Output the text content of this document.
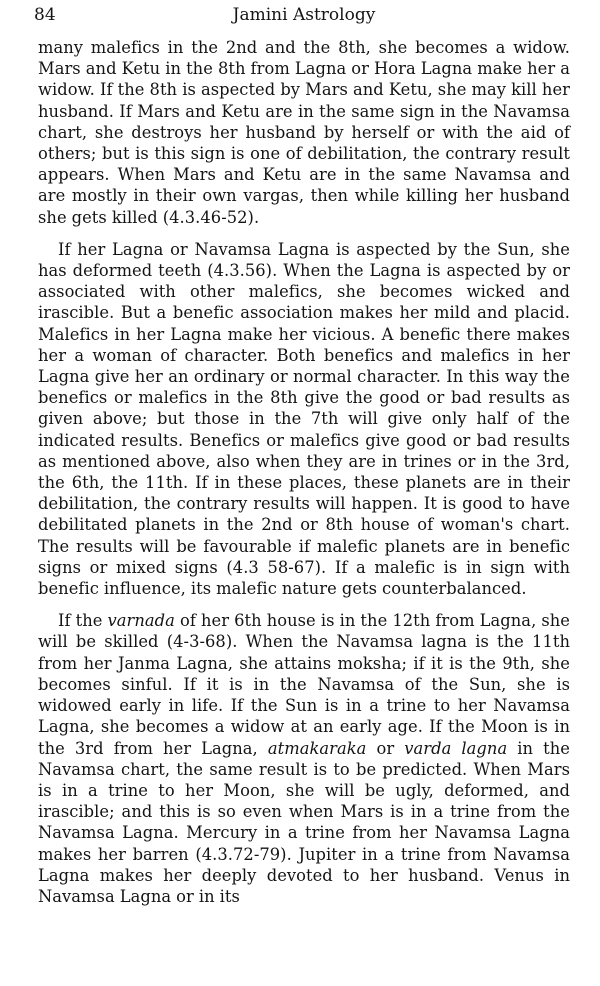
84	Jamini Astrology

many malefics in the 2nd and the 8th, she becomes a widow. Mars and Ketu in the 8th from Lagna or Hora Lagna make her a widow. If the 8th is aspected by Mars and Ketu, she may kill her husband. If Mars and Ketu are in the same sign in the Navamsa chart, she destroys her husband by herself or with the aid of others; but is this sign is one of debilitation, the contrary result appears. When Mars and Ketu are in the same Navamsa and are mostly in their own vargas, then while killing her husband she gets killed (4.3.46-52).

If her Lagna or Navamsa Lagna is aspected by the Sun, she has deformed teeth (4.3.56). When the Lagna is aspected by or associated with other malefics, she becomes wicked and irascible. But a benefic association makes her mild and placid. Malefics in her Lagna make her vicious. A benefic there makes her a woman of character. Both benefics and malefics in her Lagna give her an ordinary or normal character. In this way the benefics or malefics in the 8th give the good or bad results as given above; but those in the 7th will give only half of the indicated results. Benefics or malefics give good or bad results as mentioned above, also when they are in trines or in the 3rd, the 6th, the 11th. If in these places, these planets are in their debilitation, the contrary results will happen. It is good to have debilitated planets in the 2nd or 8th house of woman's chart. The results will be favourable if malefic planets are in benefic signs or mixed signs (4.3 58-67). If a malefic is in sign with benefic influence, its malefic nature gets counterbalanced.

If the varnada of her 6th house is in the 12th from Lagna, she will be skilled (4-3-68). When the Navamsa lagna is the 11th from her Janma Lagna, she attains moksha; if it is the 9th, she becomes sinful. If it is in the Navamsa of the Sun, she is widowed early in life. If the Sun is in a trine to her Navamsa Lagna, she becomes a widow at an early age. If the Moon is in the 3rd from her Lagna, atmakaraka or varda lagna in the Navamsa chart, the same result is to be predicted. When Mars is in a trine to her Moon, she will be ugly, deformed, and irascible; and this is so even when Mars is in a trine from the Navamsa Lagna. Mercury in a trine from her Navamsa Lagna makes her barren (4.3.72-79). Jupiter in a trine from Navamsa Lagna makes her deeply devoted to her husband. Venus in Navamsa Lagna or in its
